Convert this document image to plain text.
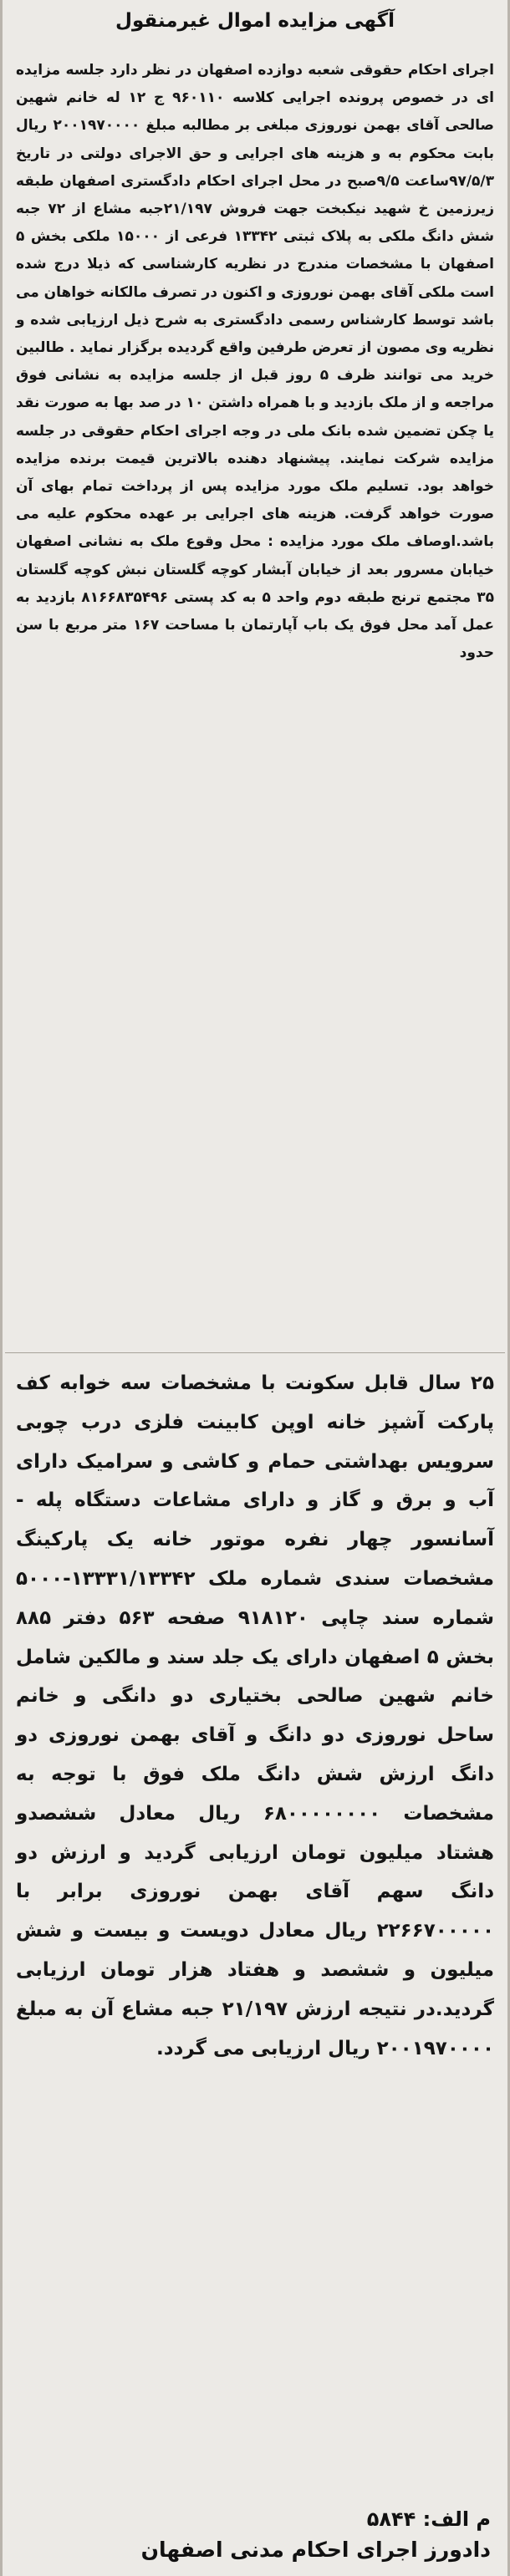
آگهی مزایده اموال غیرمنقول

اجرای احکام حقوقی شعبه دوازده اصفهان در نظر دارد جلسه مزایده ای در خصوص پرونده اجرایی کلاسه ۹۶۰۱۱۰ ج ۱۲ له خانم شهین صالحی آقای بهمن نوروزی مبلغی بر مطالبه مبلغ ۲۰۰۱۹۷۰۰۰۰ ریال بابت محکوم به و هزینه های اجرایی و حق الاجرای دولتی در تاریخ ۹۷/۵/۳ساعت ۹/۵صبح در محل اجرای احکام دادگستری اصفهان طبقه زیرزمین خ شهید نیکبخت جهت فروش ۲۱/۱۹۷جبه مشاع از ۷۲ جبه شش دانگ ملکی به پلاک ثبتی ۱۳۳۴۲ فرعی از ۱۵۰۰۰ ملکی بخش ۵ اصفهان با مشخصات مندرج در نظریه کارشناسی که ذیلا درج شده است ملکی آقای بهمن نوروزی و اکنون در تصرف مالکانه خواهان می باشد توسط کارشناس رسمی دادگستری به شرح ذیل ارزیابی شده و نظریه وی مصون از تعرض طرفین واقع گردیده برگزار نماید . طالبین خرید می توانند ظرف ۵ روز قبل از جلسه مزایده به نشانی فوق مراجعه و از ملک بازدید و با همراه داشتن ۱۰ در صد بها به صورت نقد یا چکن تضمین شده بانک ملی در وجه اجرای احکام حقوقی در جلسه مزایده شرکت نمایند. پیشنهاد دهنده بالاترین قیمت برنده مزایده خواهد بود. تسلیم ملک مورد مزایده پس از پرداخت تمام بهای آن صورت خواهد گرفت. هزینه های اجرایی بر عهده محکوم علیه می باشد.اوصاف ملک مورد مزایده : محل وقوع ملک به نشانی اصفهان خیابان مسرور بعد از خیابان آبشار کوچه گلستان نبش کوچه گلستان ۳۵ مجتمع ترنج طبقه دوم واحد ۵ به کد پستی ۸۱۶۶۸۳۵۴۹۶ بازدید به عمل آمد محل فوق یک باب آپارتمان با مساحت ۱۶۷ متر مربع با سن حدود

۲۵ سال قابل سکونت با مشخصات سه خوابه کف پارکت آشپز خانه اوپن کابینت فلزی درب چوبی سرویس بهداشتی حمام و کاشی و سرامیک دارای آب و برق و گاز و دارای مشاعات دستگاه پله - آسانسور چهار نفره موتور خانه یک پارکینگ مشخصات سندی شماره ملک ۱۳۳۳۱/۱۳۳۴۲-۵۰۰۰ شماره سند چاپی ۹۱۸۱۲۰ صفحه ۵۶۳ دفتر ۸۸۵ بخش ۵ اصفهان دارای یک جلد سند و مالکین شامل خانم شهین صالحی بختیاری دو دانگی و خانم ساحل نوروزی دو دانگ و آقای بهمن نوروزی دو دانگ ارزش شش دانگ ملک فوق با توجه به مشخصات ۶۸۰۰۰۰۰۰۰۰ ریال معادل ششصدو هشتاد میلیون تومان ارزیابی گردید و ارزش دو دانگ سهم آقای بهمن نوروزی برابر با ۲۲۶۶۷۰۰۰۰۰ ریال معادل دویست و بیست و شش میلیون و ششصد و هفتاد هزار تومان ارزیابی گردید.در نتیجه ارزش ۲۱/۱۹۷ جبه مشاع آن به مبلغ ۲۰۰۱۹۷۰۰۰۰ ریال ارزیابی می گردد.

م الف: ۵۸۴۴
دادورز اجرای احکام مدنی اصفهان
